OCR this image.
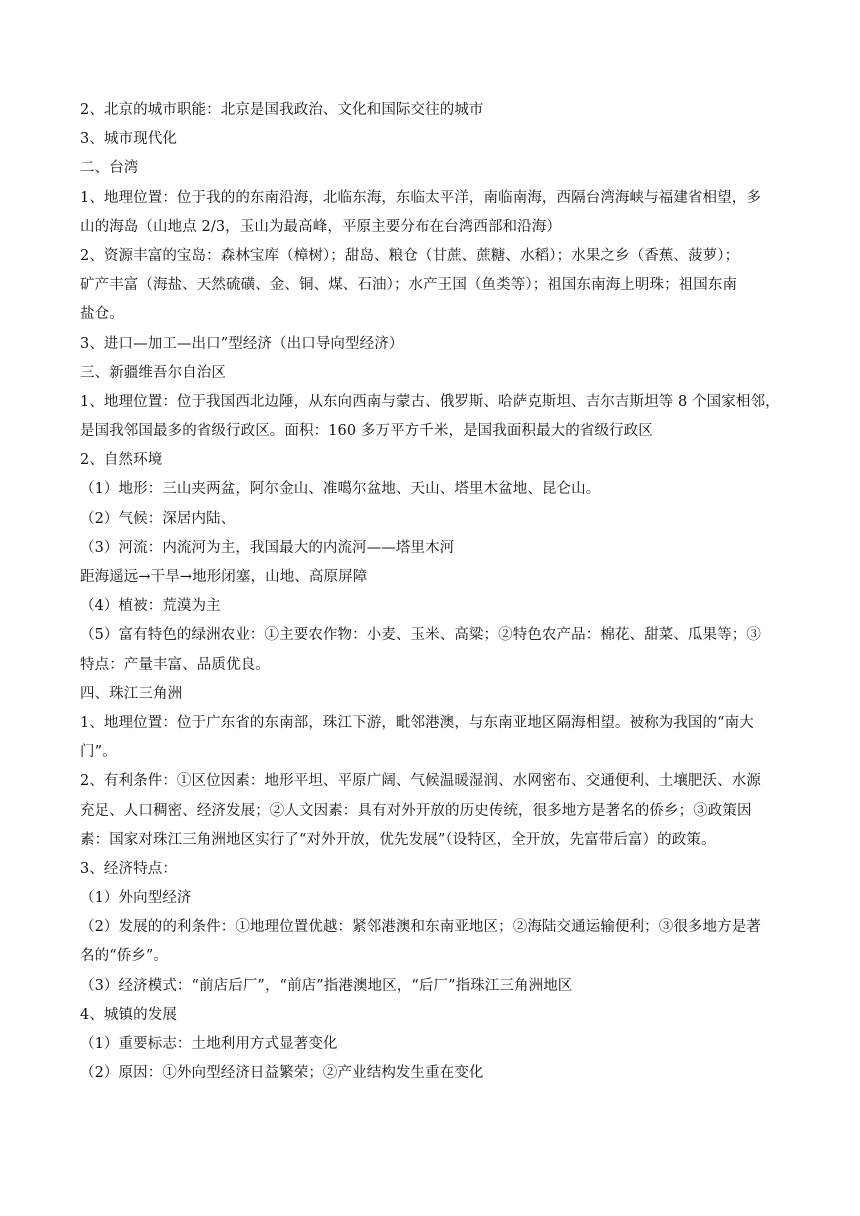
2、北京的城市职能：北京是国我政治、文化和国际交往的城市
3、城市现代化
二、台湾
1、地理位置：位于我的的东南沿海，北临东海，东临太平洋，南临南海，西隔台湾海峡与福建省相望，多
山的海岛（山地点 2/3，玉山为最高峰，平原主要分布在台湾西部和沿海）
2、资源丰富的宝岛：森林宝库（樟树）；甜岛、粮仓（甘蔗、蔗糖、水稻）；水果之乡（香蕉、菠萝）；
矿产丰富（海盐、天然硫磺、金、铜、煤、石油）；水产王国（鱼类等）；祖国东南海上明珠；祖国东南
盐仓。
3、进口—加工—出口”型经济（出口导向型经济）
三、新疆维吾尔自治区
1、地理位置：位于我国西北边陲，从东向西南与蒙古、俄罗斯、哈萨克斯坦、吉尔吉斯坦等 8 个国家相邻，
是国我邻国最多的省级行政区。面积：160 多万平方千米，是国我面积最大的省级行政区
2、自然环境
（1）地形：三山夹两盆，阿尔金山、准噶尔盆地、天山、塔里木盆地、昆仑山。
（2）气候：深居内陆、
（3）河流：内流河为主，我国最大的内流河——塔里木河
距海遥远→干旱→地形闭塞，山地、高原屏障
（4）植被：荒漠为主
（5）富有特色的绿洲农业：①主要农作物：小麦、玉米、高粱；②特色农产品：棉花、甜菜、瓜果等；③
特点：产量丰富、品质优良。
四、珠江三角洲
1、地理位置：位于广东省的东南部，珠江下游，毗邻港澳，与东南亚地区隔海相望。被称为我国的“南大
门”。
2、有利条件：①区位因素：地形平坦、平原广阔、气候温暖湿润、水网密布、交通便利、土壤肥沃、水源
充足、人口稠密、经济发展；②人文因素：具有对外开放的历史传统，很多地方是著名的侨乡；③政策因
素：国家对珠江三角洲地区实行了“对外开放，优先发展”（设特区，全开放，先富带后富）的政策。
3、经济特点：
（1）外向型经济
（2）发展的的利条件：①地理位置优越：紧邻港澳和东南亚地区；②海陆交通运输便利；③很多地方是著
名的“侨乡”。
（3）经济模式：“前店后厂”，“前店”指港澳地区，“后厂”指珠江三角洲地区
4、城镇的发展
（1）重要标志：土地利用方式显著变化
（2）原因：①外向型经济日益繁荣；②产业结构发生重在变化
